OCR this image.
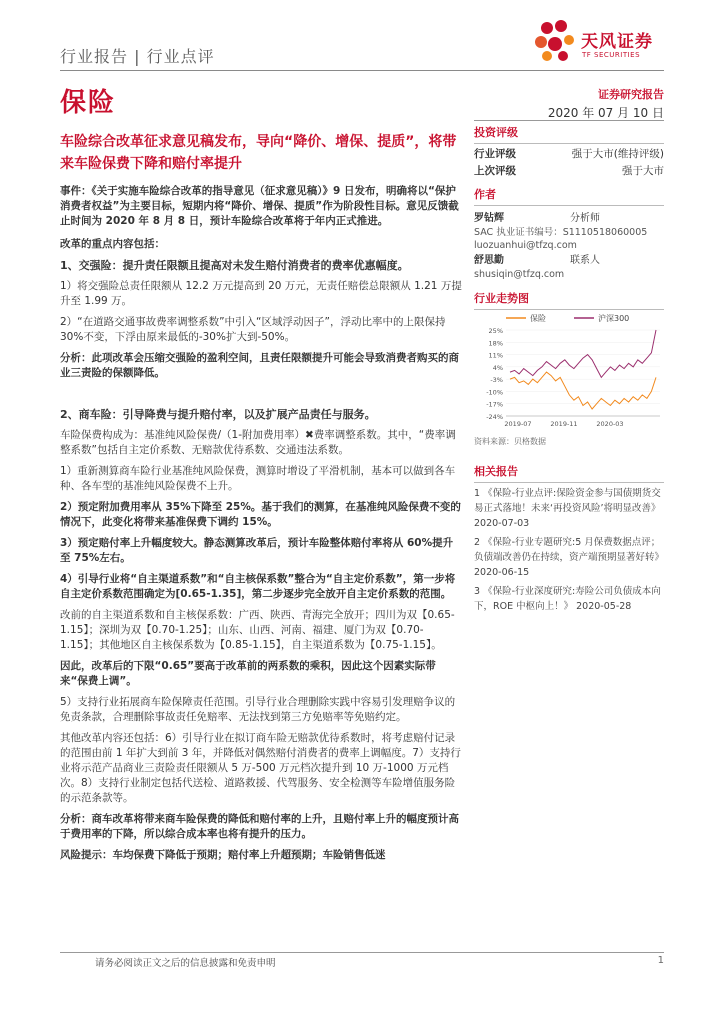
行业报告 | 行业点评
天风证券
TF SECURITIES
保险	证券研究报告
2020 年 07 月 10 日
车险综合改革征求意见稿发布，导向“降价、增保、提质”，将带来车险保费下降和赔付率提升

事件：《关于实施车险综合改革的指导意见（征求意见稿）》9 日发布，明确将以“保护消费者权益”为主要目标，短期内将“降价、增保、提质”作为阶段性目标。意见反馈截止时间为 2020 年 8 月 8 日，预计车险综合改革将于年内正式推进。

改革的重点内容包括：

1、交强险：提升责任限额且提高对未发生赔付消费者的费率优惠幅度。

1）将交强险总责任限额从 12.2 万元提高到 20 万元，无责任赔偿总限额从 1.21 万提升至 1.99 万。

2）“在道路交通事故费率调整系数”中引入“区域浮动因子”，浮动比率中的上限保持 30%不变，下浮由原来最低的-30%扩大到-50%。

分析：此项改革会压缩交强险的盈利空间，且责任限额提升可能会导致消费者购买的商业三责险的保额降低。

2、商车险：引导降费与提升赔付率，以及扩展产品责任与服务。

车险保费构成为：基准纯风险保费/（1-附加费用率）✖费率调整系数。其中，“费率调整系数”包括自主定价系数、无赔款优待系数、交通违法系数。

1）重新测算商车险行业基准纯风险保费，测算时增设了平滑机制，基本可以做到各车种、各车型的基准纯风险保费不上升。

2）预定附加费用率从 35%下降至 25%。基于我们的测算，在基准纯风险保费不变的情况下，此变化将带来基准保费下调约 15%。

3）预定赔付率上升幅度较大。静态测算改革后，预计车险整体赔付率将从 60%提升至 75%左右。

4）引导行业将“自主渠道系数”和“自主核保系数”整合为“自主定价系数”，第一步将自主定价系数范围确定为[0.65-1.35]，第二步逐步完全放开自主定价系数的范围。

改前的自主渠道系数和自主核保系数：广西、陕西、青海完全放开；四川为双【0.65-1.15】；深圳为双【0.70-1.25】；山东、山西、河南、福建、厦门为双【0.70-1.15】；其他地区自主核保系数为【0.85-1.15】，自主渠道系数为【0.75-1.15】。

因此，改革后的下限“0.65”要高于改革前的两系数的乘积，因此这个因素实际带来“保费上调”。

5）支持行业拓展商车险保障责任范围。引导行业合理删除实践中容易引发理赔争议的免责条款，合理删除事故责任免赔率、无法找到第三方免赔率等免赔约定。

其他改革内容还包括：6）引导行业在拟订商车险无赔款优待系数时，将考虑赔付记录的范围由前 1 年扩大到前 3 年，并降低对偶然赔付消费者的费率上调幅度。7）支持行业将示范产品商业三责险责任限额从 5 万-500 万元档次提升到 10 万-1000 万元档次。8）支持行业制定包括代送检、道路救援、代驾服务、安全检测等车险增值服务险的示范条款等。

分析：商车改革将带来商车险保费的降低和赔付率的上升，且赔付率上升的幅度预计高于费用率的下降，所以综合成本率也将有提升的压力。

风险提示：车均保费下降低于预期；赔付率上升超预期；车险销售低迷

投资评级
行业评级	强于大市(维持评级)
上次评级	强于大市
作者
罗钻辉	分析师
SAC 执业证书编号：S1110518060005
luozuanhui@tfzq.com
舒思勤	联系人
shusiqin@tfzq.com
行业走势图
保险	沪深300
25%
18%
11%
4%
-3%
-10%
-17%
-24%
2019-07	2019-11	2020-03
资料来源：贝格数据
相关报告
1 《保险-行业点评:保险资金参与国债期货交易正式落地！未来‘再投资风险’将明显改善》 2020-07-03
2 《保险-行业专题研究:5 月保费数据点评；负债端改善仍在持续，资产端预期显著好转》 2020-06-15
3 《保险-行业深度研究:寿险公司负债成本向下，ROE 中枢向上！》 2020-05-28
请务必阅读正文之后的信息披露和免责申明	1
